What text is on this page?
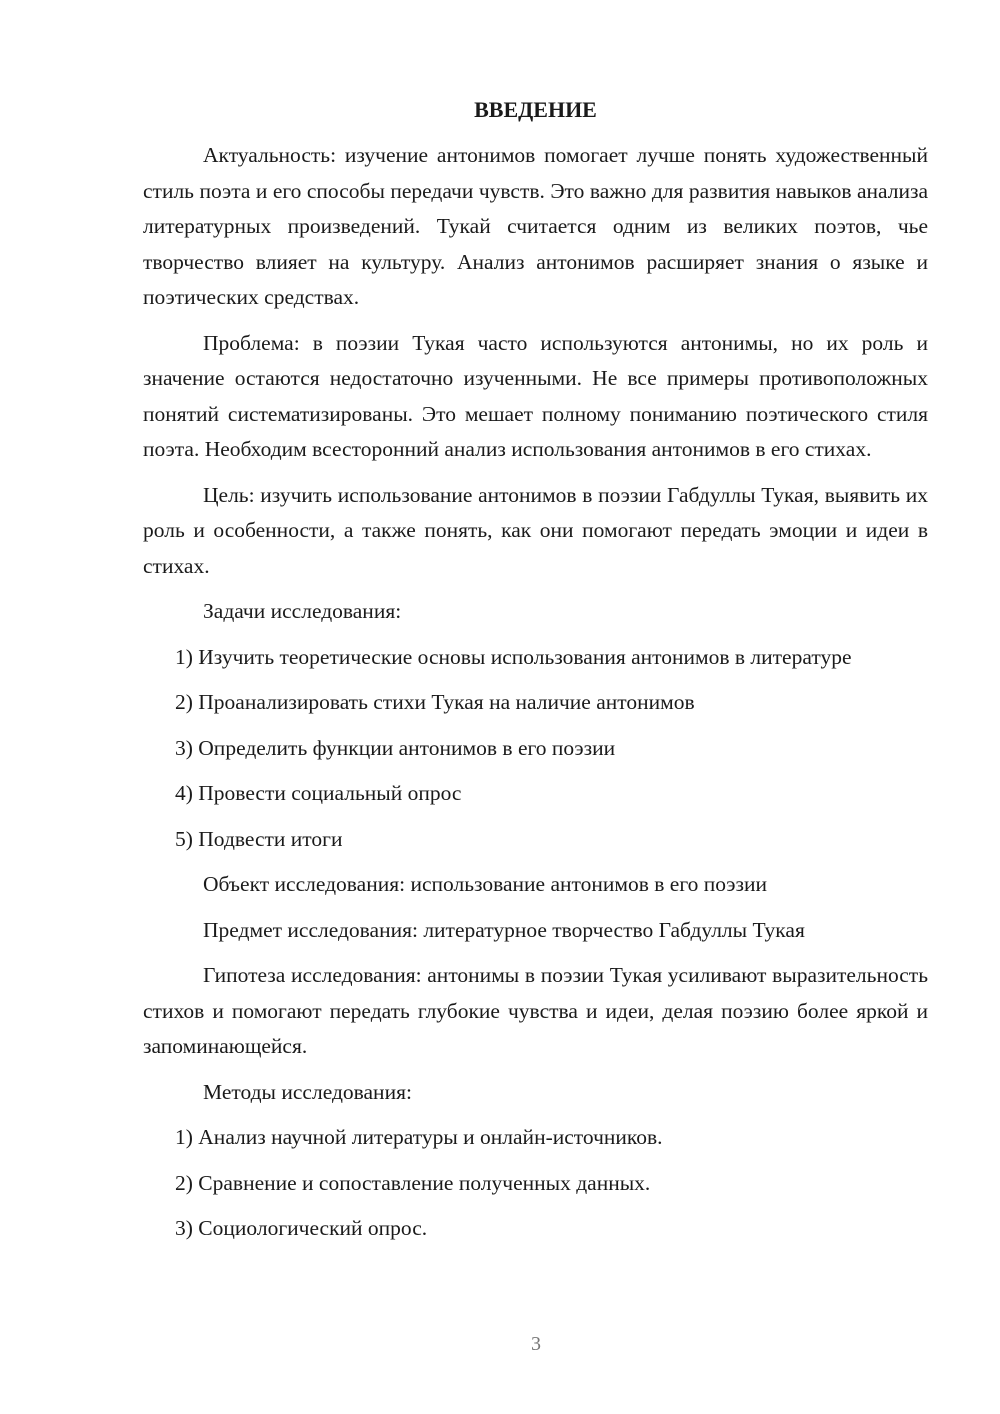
ВВЕДЕНИЕ

Актуальность: изучение антонимов помогает лучше понять художественный стиль поэта и его способы передачи чувств. Это важно для развития навыков анализа литературных произведений. Тукай считается одним из великих поэтов, чье творчество влияет на культуру. Анализ антонимов расширяет знания о языке и поэтических средствах.

Проблема: в поэзии Тукая часто используются антонимы, но их роль и значение остаются недостаточно изученными. Не все примеры противоположных понятий систематизированы. Это мешает полному пониманию поэтического стиля поэта. Необходим всесторонний анализ использования антонимов в его стихах.

Цель: изучить использование антонимов в поэзии Габдуллы Тукая, выявить их роль и особенности, а также понять, как они помогают передать эмоции и идеи в стихах.

Задачи исследования:

1) Изучить теоретические основы использования антонимов в литературе

2) Проанализировать стихи Тукая на наличие антонимов

3) Определить функции антонимов в его поэзии

4) Провести социальный опрос

5) Подвести итоги

Объект исследования: использование антонимов в его поэзии

Предмет исследования: литературное творчество Габдуллы Тукая

Гипотеза исследования: антонимы в поэзии Тукая усиливают выразительность стихов и помогают передать глубокие чувства и идеи, делая поэзию более яркой и запоминающейся.

Методы исследования:

1) Анализ научной литературы и онлайн-источников.

2) Сравнение и сопоставление полученных данных.

3) Социологический опрос.

3
